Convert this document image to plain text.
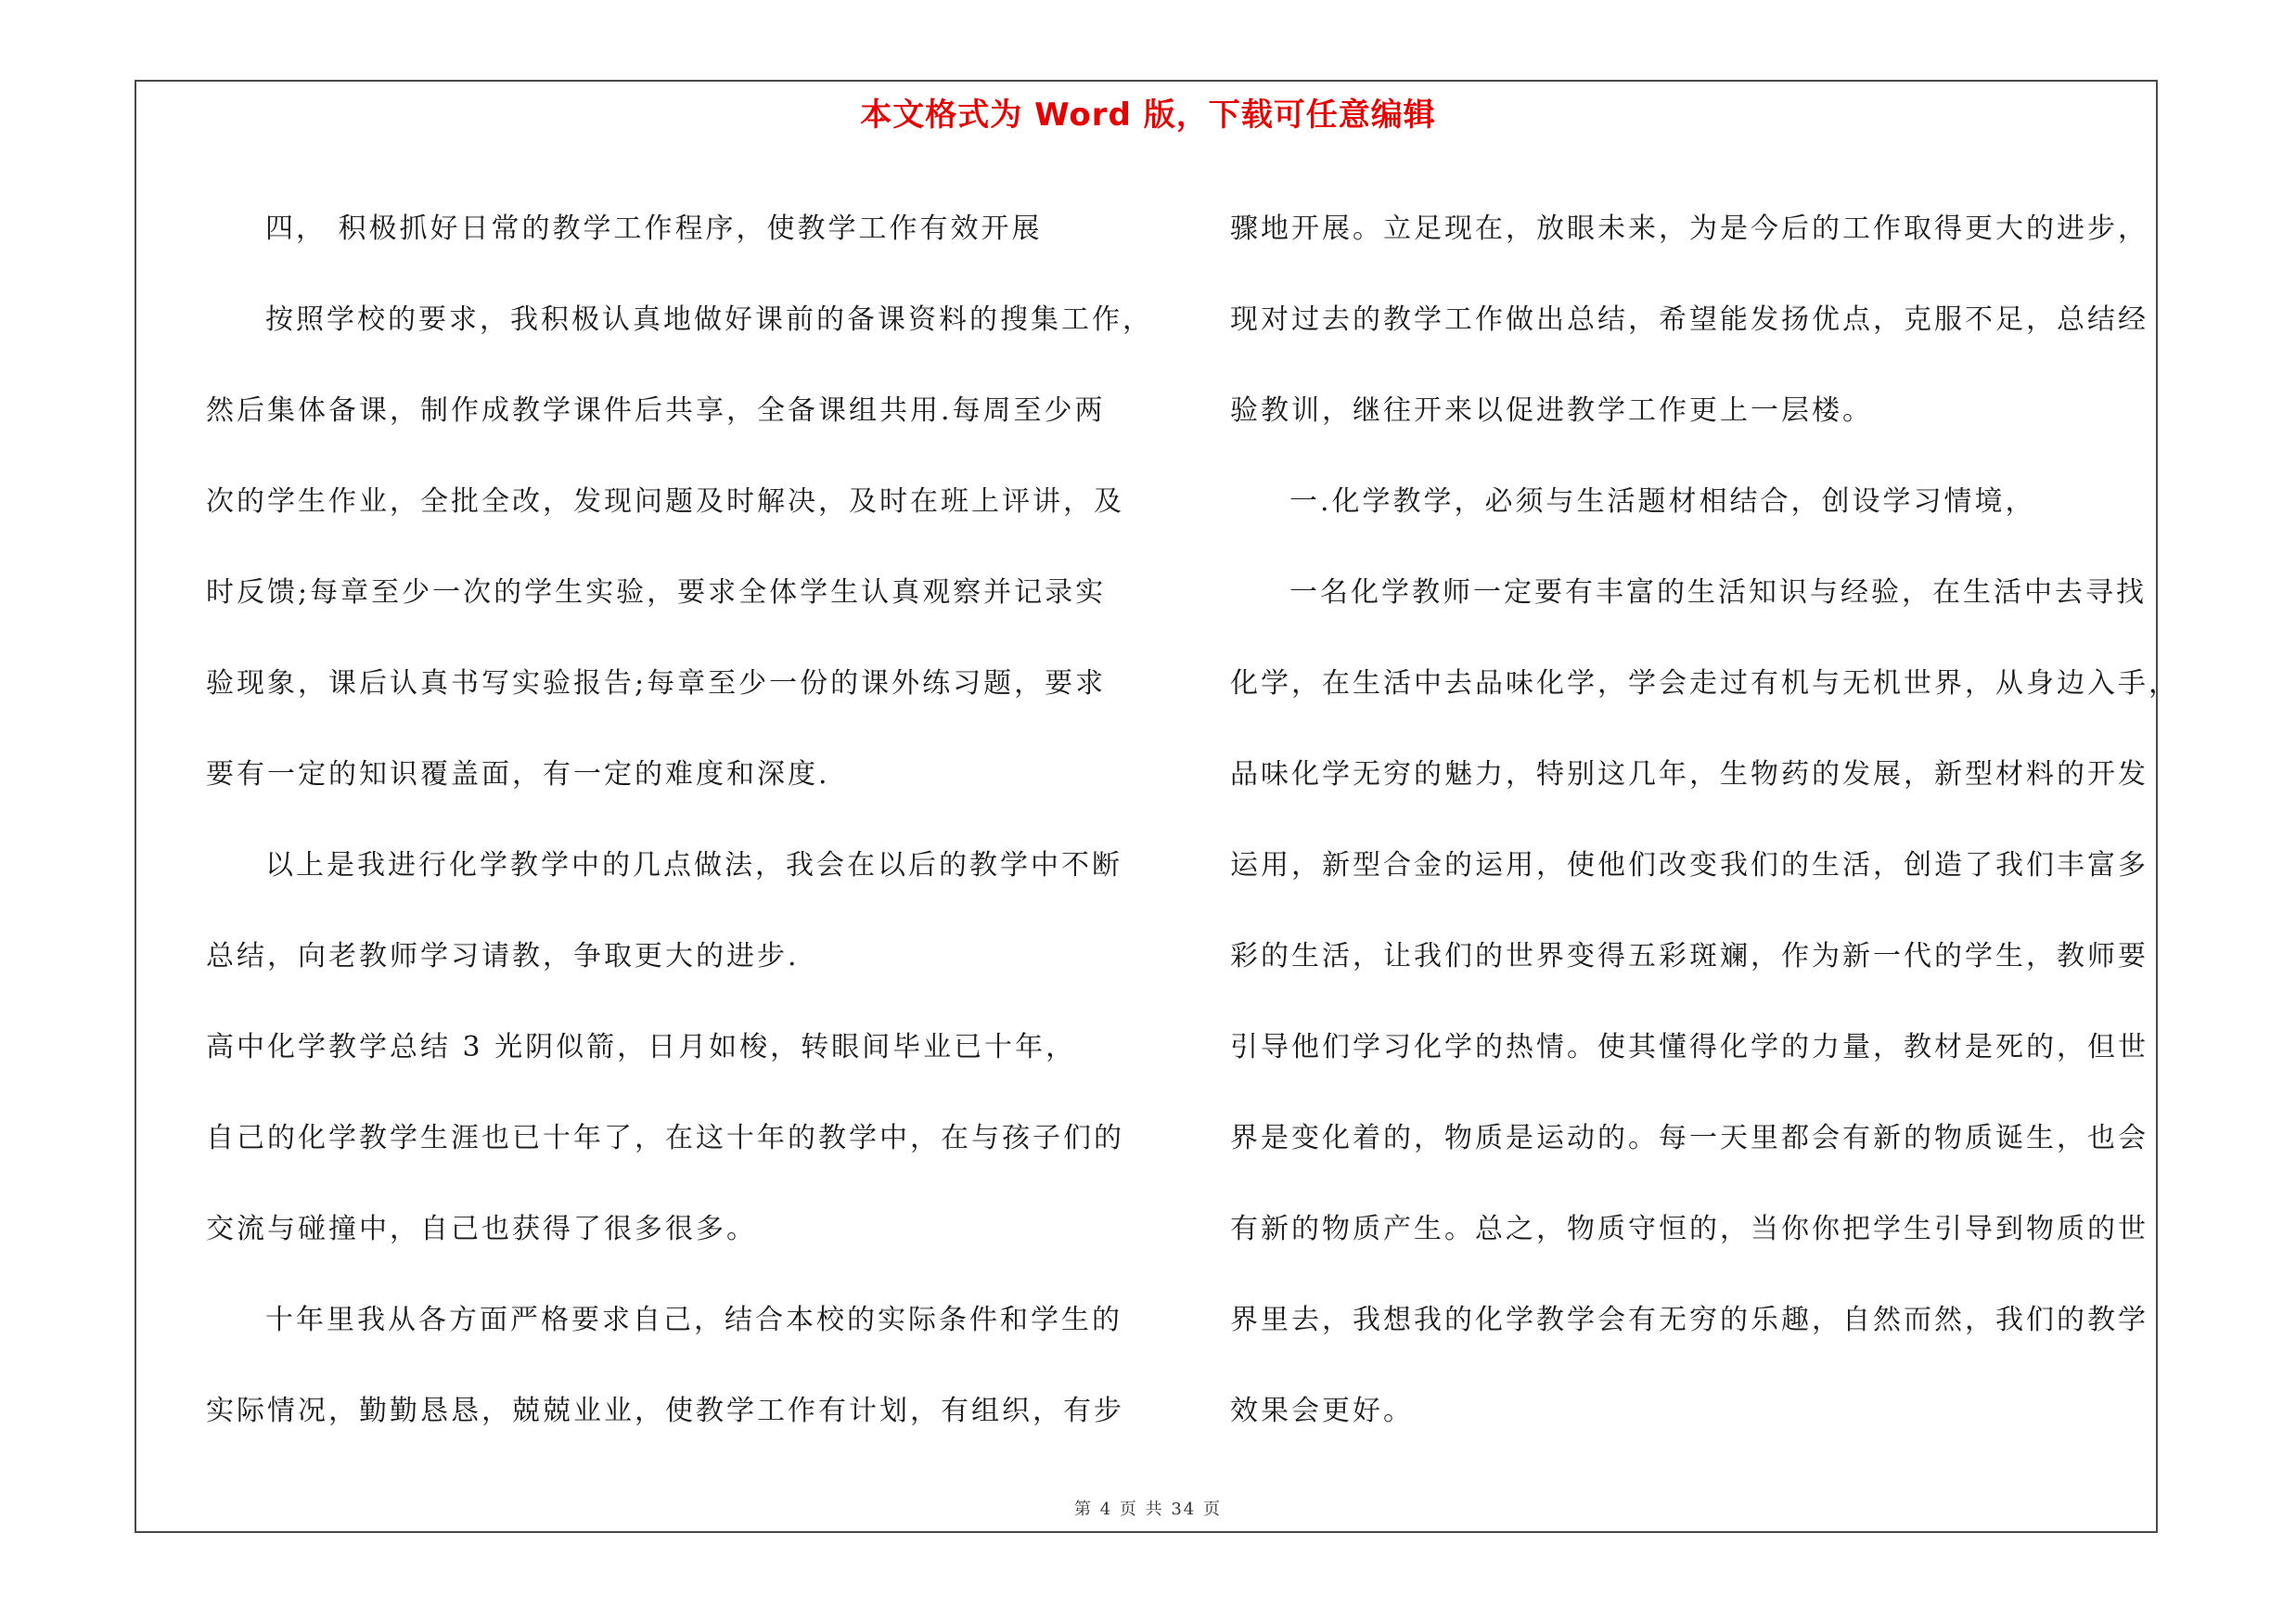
本文格式为 Word 版，下载可任意编辑
四， 积极抓好日常的教学工作程序，使教学工作有效开展
按照学校的要求，我积极认真地做好课前的备课资料的搜集工作，
然后集体备课，制作成教学课件后共享，全备课组共用.每周至少两
次的学生作业，全批全改，发现问题及时解决，及时在班上评讲，及
时反馈;每章至少一次的学生实验，要求全体学生认真观察并记录实
验现象，课后认真书写实验报告;每章至少一份的课外练习题，要求
要有一定的知识覆盖面，有一定的难度和深度.
以上是我进行化学教学中的几点做法，我会在以后的教学中不断
总结，向老教师学习请教，争取更大的进步.
高中化学教学总结 3 光阴似箭，日月如梭，转眼间毕业已十年，
自己的化学教学生涯也已十年了，在这十年的教学中，在与孩子们的
交流与碰撞中，自己也获得了很多很多。
十年里我从各方面严格要求自己，结合本校的实际条件和学生的
实际情况，勤勤恳恳，兢兢业业，使教学工作有计划，有组织，有步
骤地开展。立足现在，放眼未来，为是今后的工作取得更大的进步，
现对过去的教学工作做出总结，希望能发扬优点，克服不足，总结经
验教训，继往开来以促进教学工作更上一层楼。
一.化学教学，必须与生活题材相结合，创设学习情境，
一名化学教师一定要有丰富的生活知识与经验，在生活中去寻找
化学，在生活中去品味化学，学会走过有机与无机世界，从身边入手，
品味化学无穷的魅力，特别这几年，生物药的发展，新型材料的开发
运用，新型合金的运用，使他们改变我们的生活，创造了我们丰富多
彩的生活，让我们的世界变得五彩斑斓，作为新一代的学生，教师要
引导他们学习化学的热情。使其懂得化学的力量，教材是死的，但世
界是变化着的，物质是运动的。每一天里都会有新的物质诞生，也会
有新的物质产生。总之，物质守恒的，当你你把学生引导到物质的世
界里去，我想我的化学教学会有无穷的乐趣，自然而然，我们的教学
效果会更好。
第 4 页 共 34 页
